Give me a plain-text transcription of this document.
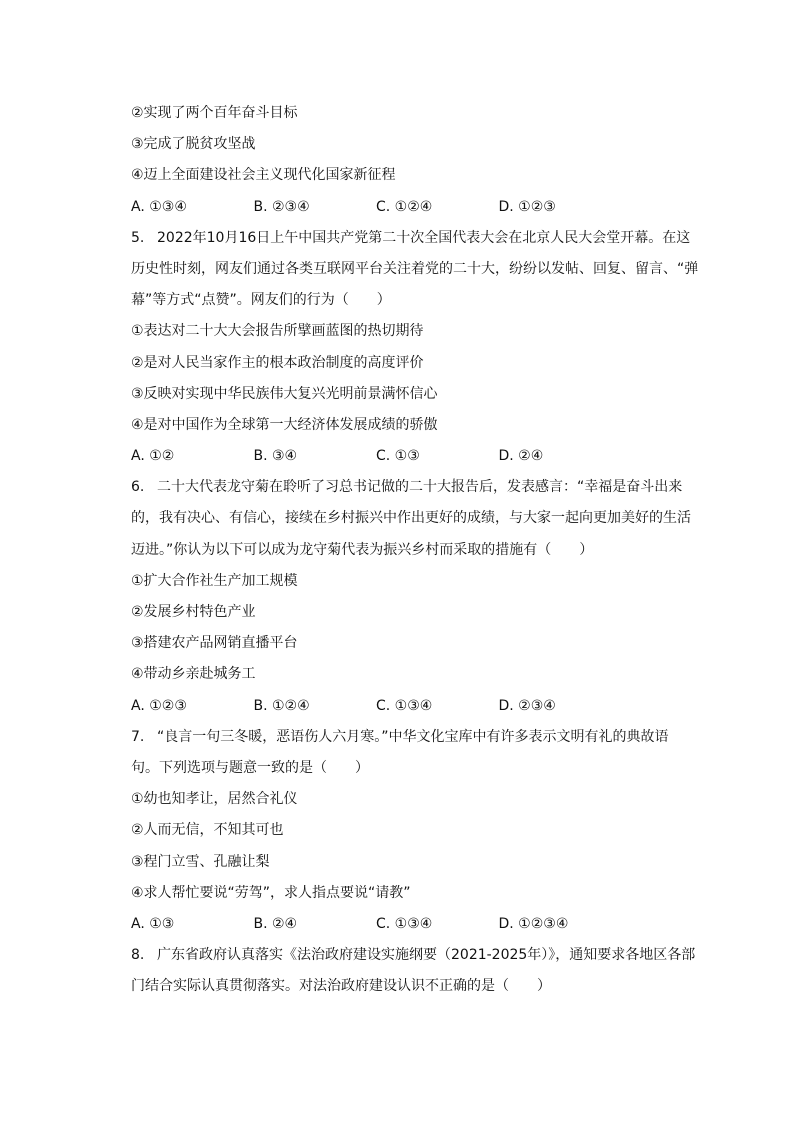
②实现了两个百年奋斗目标
③完成了脱贫攻坚战
④迈上全面建设社会主义现代化国家新征程
A. ①③④	B. ②③④	C. ①②④	D. ①②③
5. 2022年10月16日上午中国共产党第二十次全国代表大会在北京人民大会堂开幕。在这
历史性时刻，网友们通过各类互联网平台关注着党的二十大，纷纷以发帖、回复、留言、“弹
幕”等方式“点赞”。网友们的行为（　　）
①表达对二十大大会报告所擘画蓝图的热切期待
②是对人民当家作主的根本政治制度的高度评价
③反映对实现中华民族伟大复兴光明前景满怀信心
④是对中国作为全球第一大经济体发展成绩的骄傲
A. ①②	B. ③④	C. ①③	D. ②④
6. 二十大代表龙守菊在聆听了习总书记做的二十大报告后，发表感言：“幸福是奋斗出来
的，我有决心、有信心，接续在乡村振兴中作出更好的成绩，与大家一起向更加美好的生活
迈进。”你认为以下可以成为龙守菊代表为振兴乡村而采取的措施有（　　）
①扩大合作社生产加工规模
②发展乡村特色产业
③搭建农产品网销直播平台
④带动乡亲赴城务工
A. ①②③	B. ①②④	C. ①③④	D. ②③④
7. “良言一句三冬暖，恶语伤人六月寒。”中华文化宝库中有许多表示文明有礼的典故语
句。下列选项与题意一致的是（　　）
①幼也知孝让，居然合礼仪
②人而无信，不知其可也
③程门立雪、孔融让梨
④求人帮忙要说“劳驾”，求人指点要说“请教”
A. ①③	B. ②④	C. ①③④	D. ①②③④
8. 广东省政府认真落实《法治政府建设实施纲要（2021-2025年）》，通知要求各地区各部
门结合实际认真贯彻落实。对法治政府建设认识不正确的是（　　）
